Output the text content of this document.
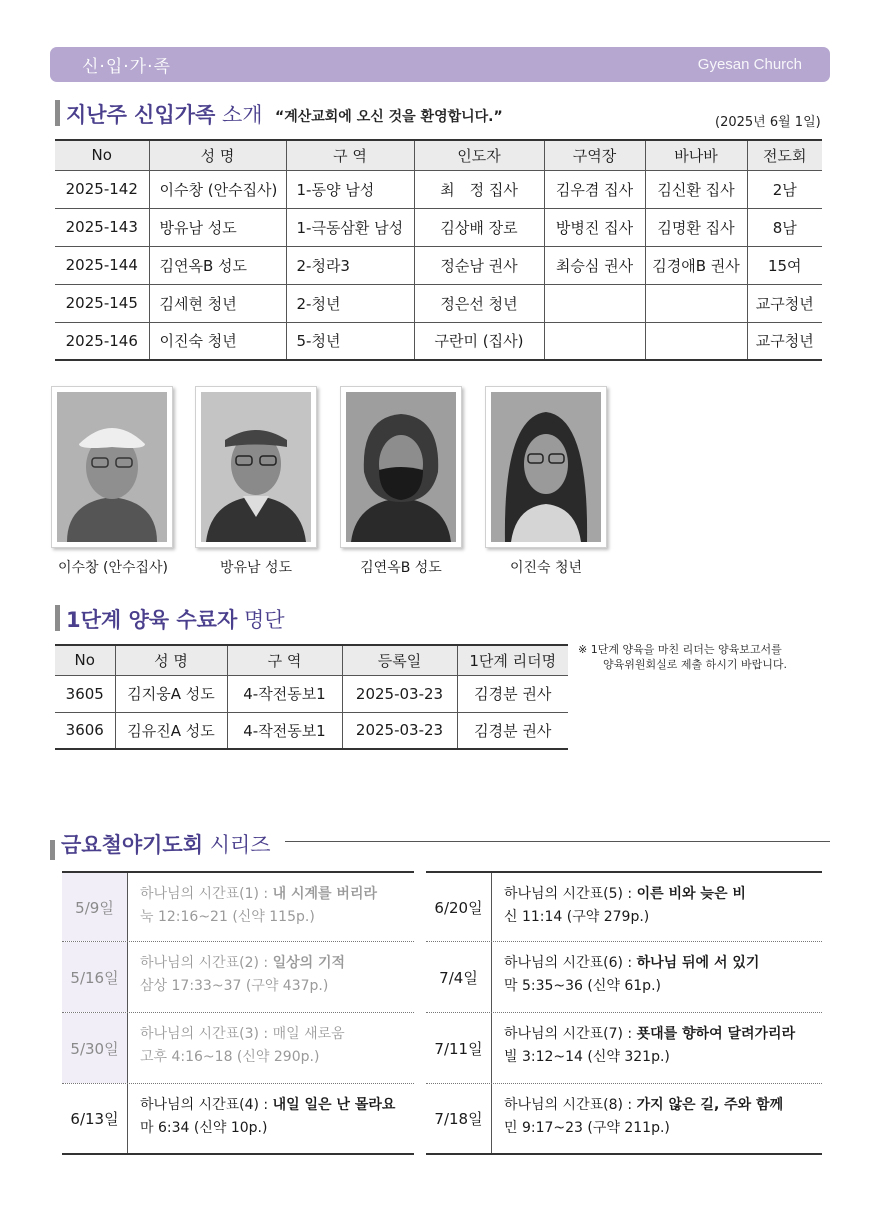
신·입·가·족	Gyesan Church
지난주 신입가족 소개 “계산교회에 오신 것을 환영합니다.”	(2025년 6월 1일)
No	성 명	구 역	인도자	구역장	바나바	전도회
2025-142	이수창 (안수집사)	1-동양 남성	최　정 집사	김우겸 집사	김신환 집사	2남
2025-143	방유남 성도	1-극동삼환 남성	김상배 장로	방병진 집사	김명환 집사	8남
2025-144	김연옥B 성도	2-청라3	정순남 권사	최승심 권사	김경애B 권사	15여
2025-145	김세현 청년	2-청년	정은선 청년			교구청년
2025-146	이진숙 청년	5-청년	구란미 (집사)			교구청년
이수창 (안수집사)	방유남 성도	김연옥B 성도	이진숙 청년
1단계 양육 수료자 명단
No	성 명	구 역	등록일	1단계 리더명
3605	김지웅A 성도	4-작전동보1	2025-03-23	김경분 권사
3606	김유진A 성도	4-작전동보1	2025-03-23	김경분 권사
※ 1단계 양육을 마친 리더는 양육보고서를
양육위원회실로 제출 하시기 바랍니다.
금요철야기도회 시리즈
5/9일
하나님의 시간표(1) : 내 시계를 버리라
눅 12:16~21 (신약 115p.)
5/16일
하나님의 시간표(2) : 일상의 기적
삼상 17:33~37 (구약 437p.)
5/30일
하나님의 시간표(3) : 매일 새로움
고후 4:16~18 (신약 290p.)
6/13일
하나님의 시간표(4) : 내일 일은 난 몰라요
마 6:34 (신약 10p.)
6/20일
하나님의 시간표(5) : 이른 비와 늦은 비
신 11:14 (구약 279p.)
7/4일
하나님의 시간표(6) : 하나님 뒤에 서 있기
막 5:35~36 (신약 61p.)
7/11일
하나님의 시간표(7) : 푯대를 향하여 달려가리라
빌 3:12~14 (신약 321p.)
7/18일
하나님의 시간표(8) : 가지 않은 길, 주와 함께
민 9:17~23 (구약 211p.)
